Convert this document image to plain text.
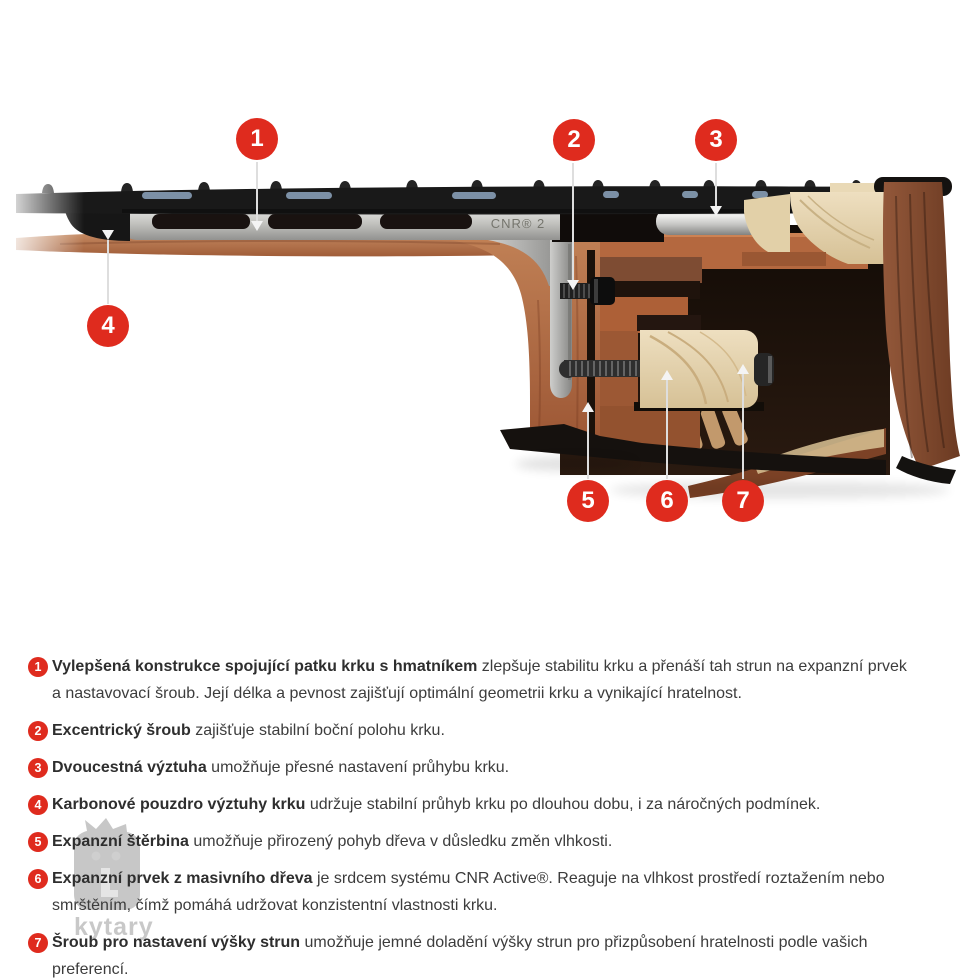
CNR® 2
1	2	3
4
5	6	7
kytary
1 Vylepšená konstrukce spojující patku krku s hmatníkem zlepšuje stabilitu krku a přenáší tah strun na expanzní prvek a nastavovací šroub. Její délka a pevnost zajišťují optimální geometrii krku a vynikající hratelnost.
2 Excentrický šroub zajišťuje stabilní boční polohu krku.
3 Dvoucestná výztuha umožňuje přesné nastavení průhybu krku.
4 Karbonové pouzdro výztuhy krku udržuje stabilní průhyb krku po dlouhou dobu, i za náročných podmínek.
5 Expanzní štěrbina umožňuje přirozený pohyb dřeva v důsledku změn vlhkosti.
6 Expanzní prvek z masivního dřeva je srdcem systému CNR Active®. Reaguje na vlhkost prostředí roztažením nebo smrštěním, čímž pomáhá udržovat konzistentní vlastnosti krku.
7 Šroub pro nastavení výšky strun umožňuje jemné doladění výšky strun pro přizpůsobení hratelnosti podle vašich preferencí.
